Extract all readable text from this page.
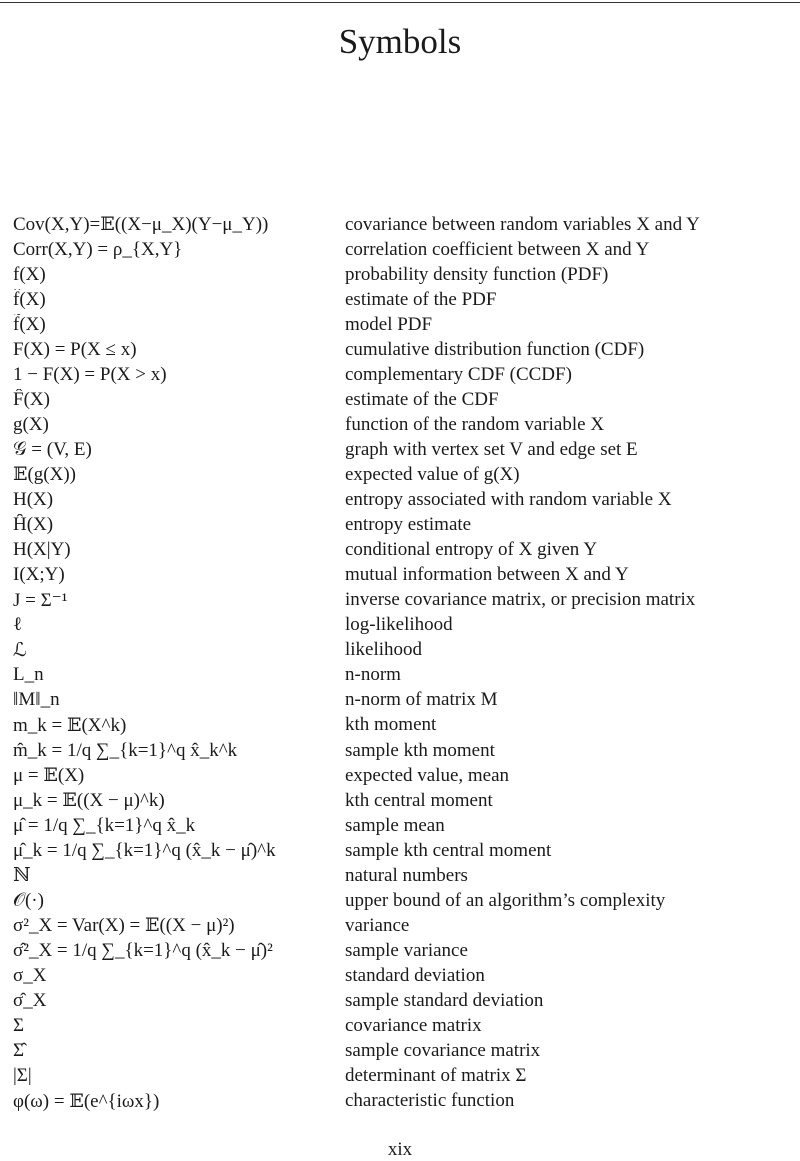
Symbols
Cov(X,Y)=𝔼((X−μ_X)(Y−μ_Y))	covariance between random variables X and Y
Corr(X,Y) = ρ_{X,Y}	correlation coefficient between X and Y
f(X)	probability density function (PDF)
f̂(X)	estimate of the PDF
f̃(X)	model PDF
F(X) = P(X ≤ x)	cumulative distribution function (CDF)
1 − F(X) = P(X > x)	complementary CDF (CCDF)
F̂(X)	estimate of the CDF
g(X)	function of the random variable X
𝒢 = (V, E)	graph with vertex set V and edge set E
𝔼(g(X))	expected value of g(X)
H(X)	entropy associated with random variable X
Ĥ(X)	entropy estimate
H(X|Y)	conditional entropy of X given Y
I(X;Y)	mutual information between X and Y
J = Σ⁻¹	inverse covariance matrix, or precision matrix
ℓ	log-likelihood
ℒ	likelihood
L_n	n-norm
‖M‖_n	n-norm of matrix M
m_k = 𝔼(X^k)	kth moment
m̂_k = 1/q ∑_{k=1}^q x̂_k^k	sample kth moment
μ = 𝔼(X)	expected value, mean
μ_k = 𝔼((X − μ)^k)	kth central moment
μ̂ = 1/q ∑_{k=1}^q x̂_k	sample mean
μ̂_k = 1/q ∑_{k=1}^q (x̂_k − μ̂)^k	sample kth central moment
ℕ	natural numbers
𝒪(·)	upper bound of an algorithm’s complexity
σ²_X = Var(X) = 𝔼((X − μ)²)	variance
σ̂²_X = 1/q ∑_{k=1}^q (x̂_k − μ̂)²	sample variance
σ_X	standard deviation
σ̂_X	sample standard deviation
Σ	covariance matrix
Σ̂	sample covariance matrix
|Σ|	determinant of matrix Σ
φ(ω) = 𝔼(e^{iωx})	characteristic function
xix
